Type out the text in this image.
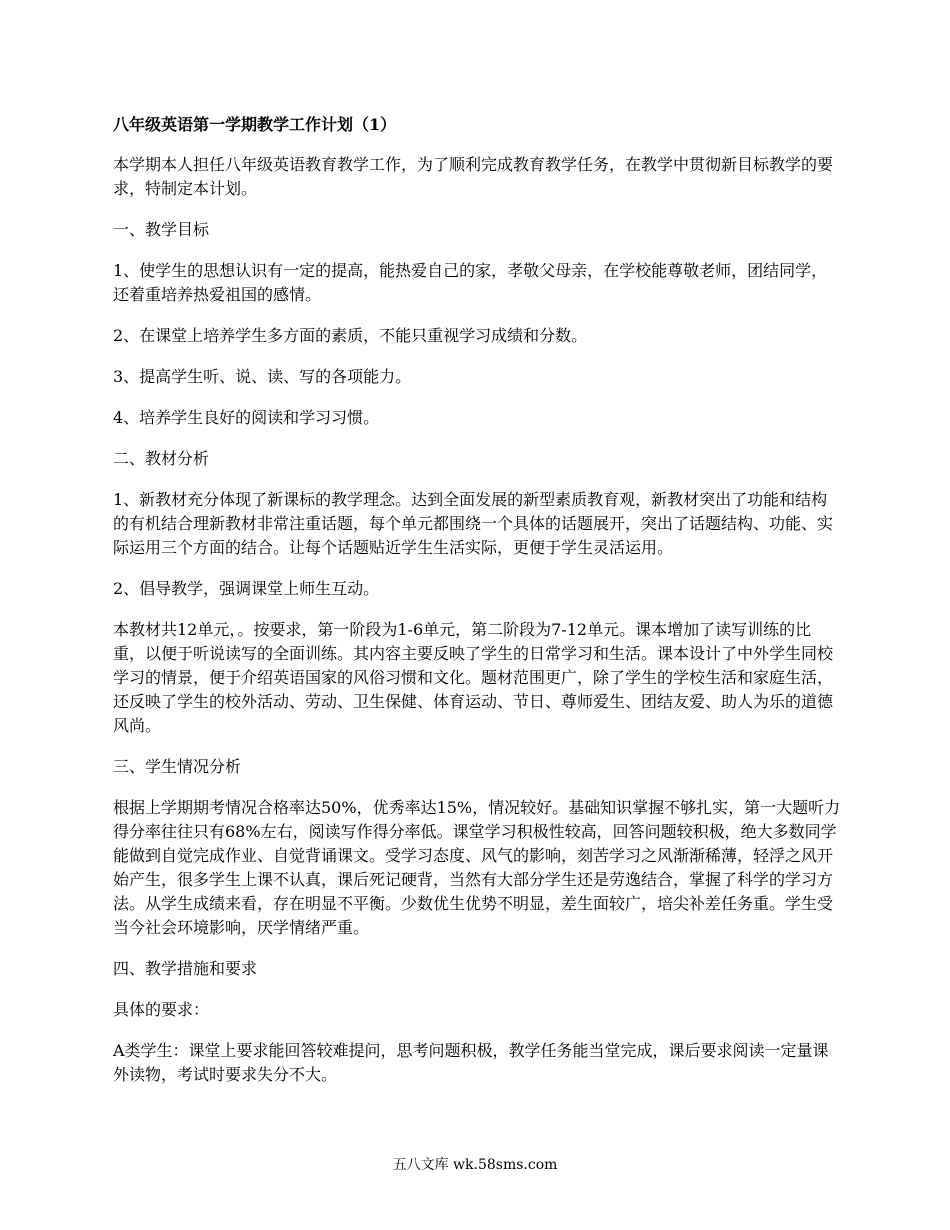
八年级英语第一学期教学工作计划（1）
本学期本人担任八年级英语教育教学工作，为了顺利完成教育教学任务，在教学中贯彻新目标教学的要求，特制定本计划。
一、教学目标
1、使学生的思想认识有一定的提高，能热爱自己的家，孝敬父母亲，在学校能尊敬老师，团结同学，还着重培养热爱祖国的感情。
2、在课堂上培养学生多方面的素质，不能只重视学习成绩和分数。
3、提高学生听、说、读、写的各项能力。
4、培养学生良好的阅读和学习习惯。
二、教材分析
1、新教材充分体现了新课标的教学理念。达到全面发展的新型素质教育观，新教材突出了功能和结构的有机结合理新教材非常注重话题，每个单元都围绕一个具体的话题展开，突出了话题结构、功能、实际运用三个方面的结合。让每个话题贴近学生生活实际，更便于学生灵活运用。
2、倡导教学，强调课堂上师生互动。
本教材共12单元，。按要求，第一阶段为1-6单元，第二阶段为7-12单元。课本增加了读写训练的比重，以便于听说读写的全面训练。其内容主要反映了学生的日常学习和生活。课本设计了中外学生同校学习的情景，便于介绍英语国家的风俗习惯和文化。题材范围更广，除了学生的学校生活和家庭生活，还反映了学生的校外活动、劳动、卫生保健、体育运动、节日、尊师爱生、团结友爱、助人为乐的道德风尚。
三、学生情况分析
根据上学期期考情况合格率达50%，优秀率达15%，情况较好。基础知识掌握不够扎实，第一大题听力得分率往往只有68%左右，阅读写作得分率低。课堂学习积极性较高，回答问题较积极，绝大多数同学能做到自觉完成作业、自觉背诵课文。受学习态度、风气的影响，刻苦学习之风渐渐稀薄，轻浮之风开始产生，很多学生上课不认真，课后死记硬背，当然有大部分学生还是劳逸结合，掌握了科学的学习方法。从学生成绩来看，存在明显不平衡。少数优生优势不明显，差生面较广，培尖补差任务重。学生受当今社会环境影响，厌学情绪严重。
四、教学措施和要求
具体的要求：
A类学生：课堂上要求能回答较难提问，思考问题积极，教学任务能当堂完成，课后要求阅读一定量课外读物，考试时要求失分不大。
五八文库 wk.58sms.com
